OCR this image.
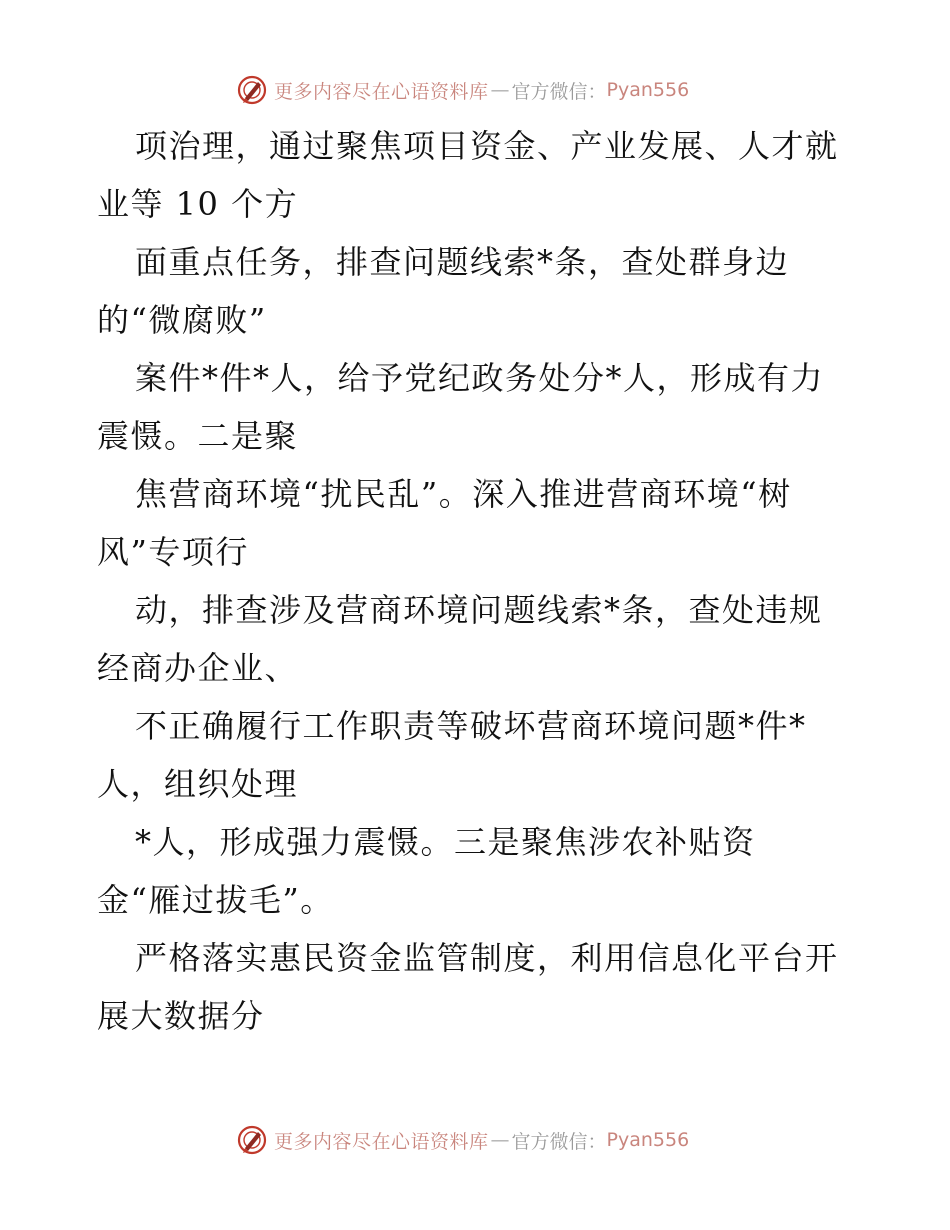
更多内容尽在心语资料库 — 官方微信： Pyan556
项治理，通过聚焦项目资金、产业发展、人才就
业等 10 个方
面重点任务，排查问题线索*条，查处群身边
的“微腐败”
案件*件*人，给予党纪政务处分*人，形成有力
震慑。二是聚
焦营商环境“扰民乱”。深入推进营商环境“树
风”专项行
动，排查涉及营商环境问题线索*条，查处违规
经商办企业、
不正确履行工作职责等破坏营商环境问题*件*
人，组织处理
*人，形成强力震慑。三是聚焦涉农补贴资
金“雁过拔毛”。
严格落实惠民资金监管制度，利用信息化平台开
展大数据分
更多内容尽在心语资料库 — 官方微信： Pyan556
